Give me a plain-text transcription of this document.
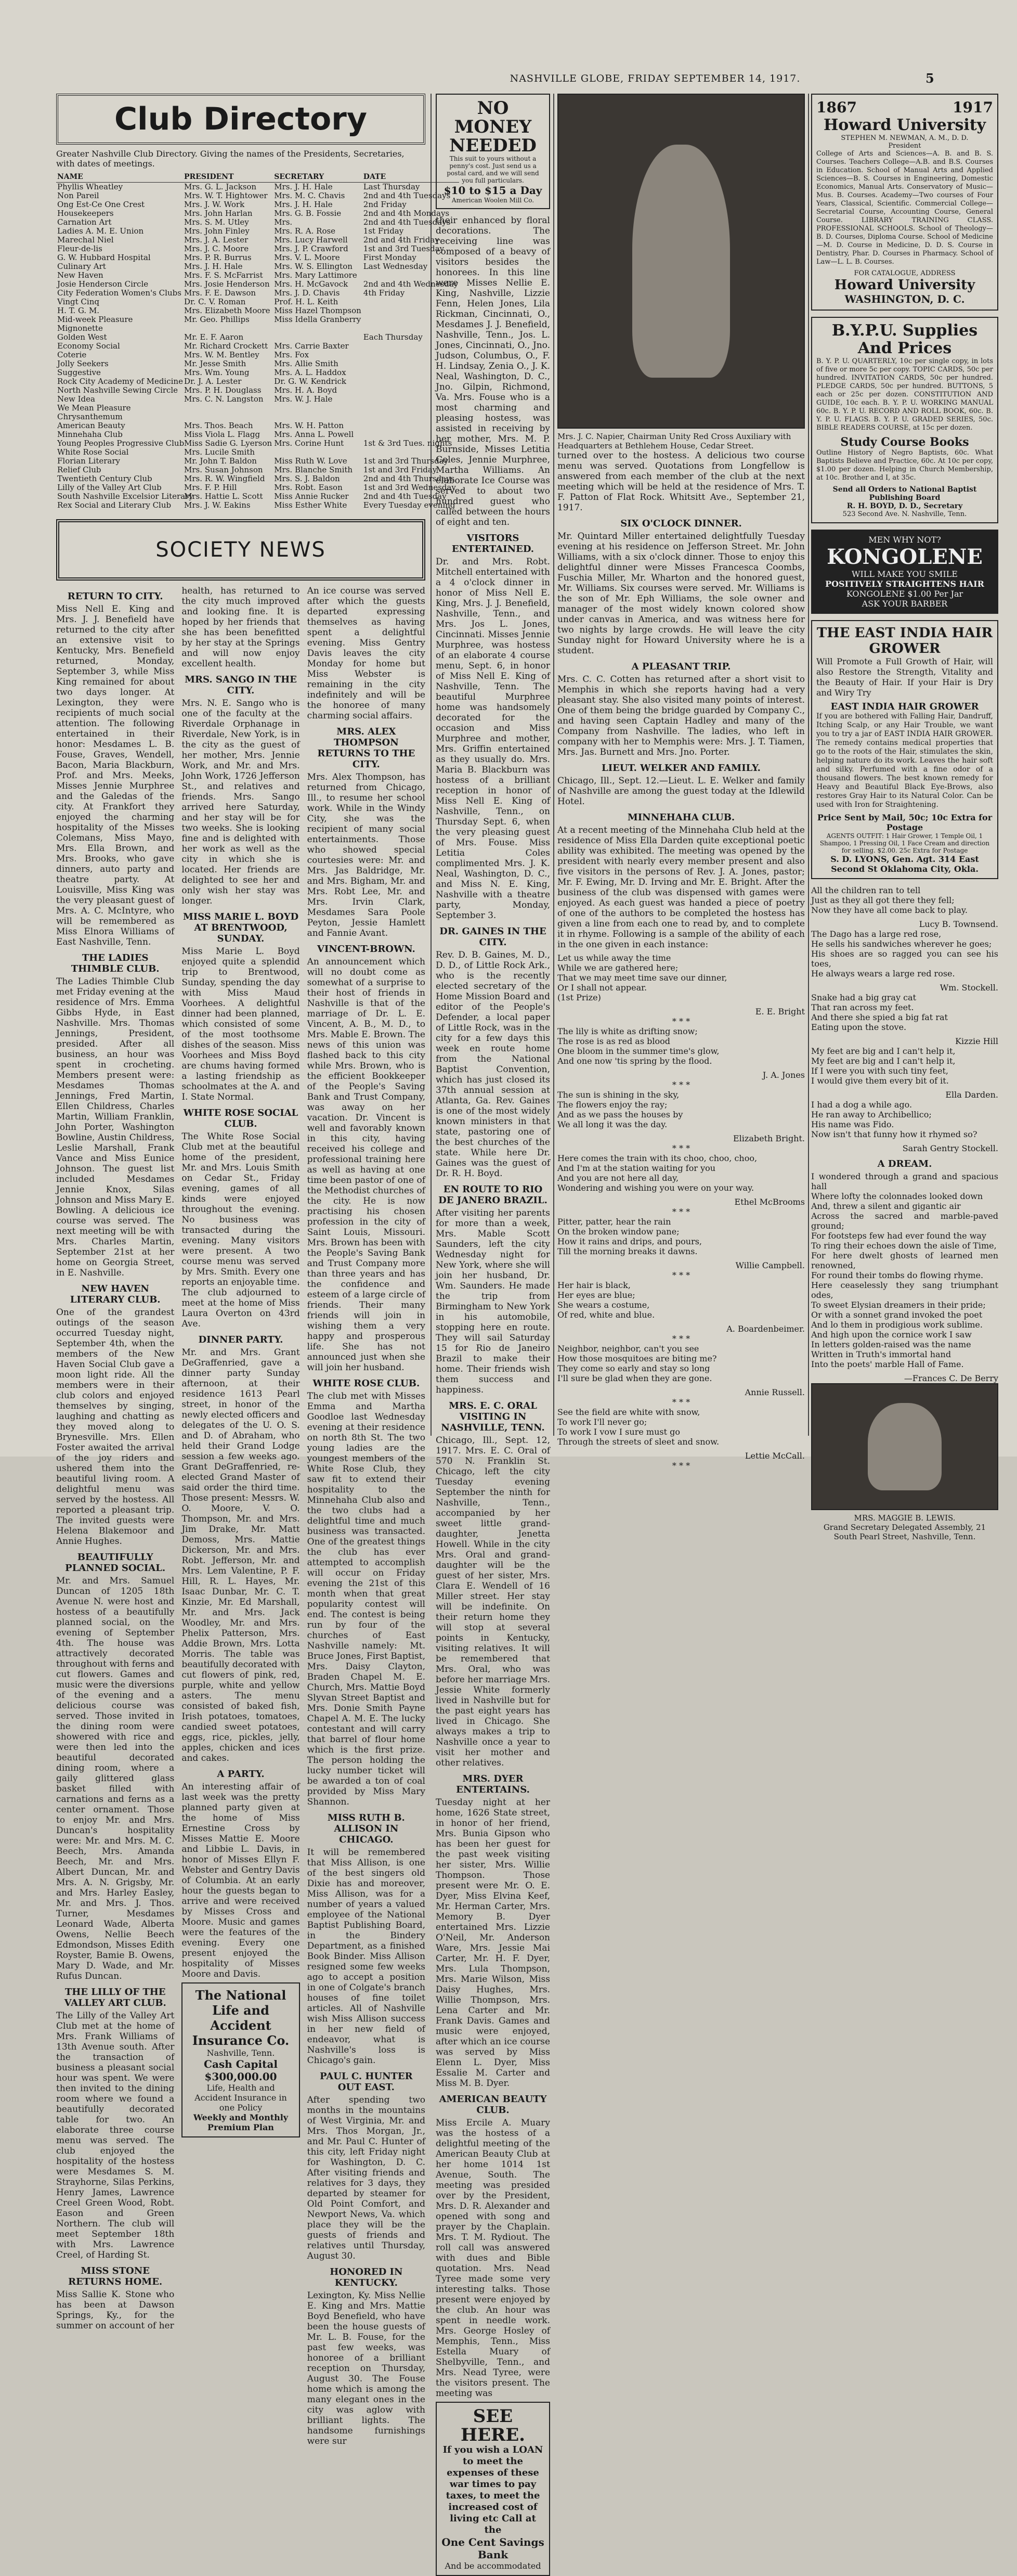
NASHVILLE GLOBE, FRIDAY SEPTEMBER 14, 1917.	5
Club Directory
Greater Nashville Club Directory. Giving the names of the Presidents, Secretaries, with dates of meetings.
NAME	PRESIDENT	SECRETARY	DATE
Phyllis Wheatley	Mrs. G. L. Jackson	Mrs. J. H. Hale	Last Thursday
Non Pareil	Mrs. W. T. Hightower	Mrs. M. C. Chavis	2nd and 4th Tuesdays
Ong Est-Ce One Crest	Mrs. J. W. Work	Mrs. J. H. Hale	2nd Friday
Housekeepers	Mrs. John Harlan	Mrs. G. B. Fossie	2nd and 4th Mondays
Carnation Art	Mrs. S. M. Utley	Mrs.	2nd and 4th Tuesdays
Ladies A. M. E. Union	Mrs. John Finley	Mrs. R. A. Rose	1st Friday
Marechal Niel	Mrs. J. A. Lester	Mrs. Lucy Harwell	2nd and 4th Friday
Fleur-de-lis	Mrs. J. C. Moore	Mrs. J. P. Crawford	1st and 3rd Tuesday
G. W. Hubbard Hospital	Mrs. P. R. Burrus	Mrs. V. L. Moore	First Monday
Culinary Art	Mrs. J. H. Hale	Mrs. W. S. Ellington	Last Wednesday
New Haven	Mrs. F. S. McFarrist	Mrs. Mary Lattimore	
Josie Henderson Circle	Mrs. Josie Henderson	Mrs. H. McGavock	2nd and 4th Wednesday
City Federation Women's Clubs	Mrs. F. E. Dawson	Mrs. J. D. Chavis	4th Friday
Vingt Cinq	Dr. C. V. Roman	Prof. H. L. Keith	
H. T. G. M.	Mrs. Elizabeth Moore	Miss Hazel Thompson	
Mid-week Pleasure	Mr. Geo. Phillips	Miss Idella Granberry	
Mignonette			
Golden West	Mr. E. F. Aaron		Each Thursday
Economy Social	Mr. Richard Crockett	Mrs. Carrie Baxter	
Coterie	Mrs. W. M. Bentley	Mrs. Fox	
Jolly Seekers	Mr. Jesse Smith	Mrs. Allie Smith	
Suggestive	Mrs. Wm. Young	Mrs. A. L. Haddox	
Rock City Academy of Medicine	Dr. J. A. Lester	Dr. G. W. Kendrick	
North Nashville Sewing Circle	Mrs. P. H. Douglass	Mrs. H. A. Boyd	
New Idea	Mrs. C. N. Langston	Mrs. W. J. Hale	
We Mean Pleasure			
Chrysanthemum			
American Beauty	Mrs. Thos. Beach	Mrs. W. H. Patton	
Minnehaha Club	Miss Viola L. Flagg	Mrs. Anna L. Powell	
Young Peoples Progressive Club	Miss Sadie G. Lyerson	Mrs. Corine Hunt	1st & 3rd Tues. nights
White Rose Social	Mrs. Lucile Smith		
Florian Literary	Mr. John T. Baldon	Miss Ruth W. Love	1st and 3rd Thursday
Relief Club	Mrs. Susan Johnson	Mrs. Blanche Smith	1st and 3rd Friday
Twentieth Century Club	Mrs. R. W. Wingfield	Mrs. S. J. Baldon	2nd and 4th Thursdays
Lilly of the Valley Art Club	Mrs. F. P. Hill	Mrs. Robt. Eason	1st and 3rd Wednesday
South Nashville Excelsior Literary	Mrs. Hattie L. Scott	Miss Annie Rucker	2nd and 4th Tuesday
Rex Social and Literary Club	Mrs. J. W. Eakins	Miss Esther White	Every Tuesday evening
SOCIETY NEWS
RETURN TO CITY.

Miss Nell E. King and Mrs. J. J. Benefield have returned to the city after an extensive visit to Kentucky, Mrs. Benefield returned, Monday, September 3, while Miss King remained for about two days longer. At Lexington, they were recipients of much social attention. The following entertained in their honor: Mesdames L. B. Fouse, Graves, Wendell, Bacon, Maria Blackburn, Prof. and Mrs. Meeks, Misses Jennie Murphree and the Galedas of the city. At Frankfort they enjoyed the charming hospitality of the Misses Colemans, Miss Mayo, Mrs. Ella Brown, and Mrs. Brooks, who gave dinners, auto party and theatre party. At Louisville, Miss King was the very pleasant guest of Mrs. A. C. McIntyre, who will be remembered as Miss Elnora Williams of East Nashville, Tenn.

THE LADIES THIMBLE CLUB.

The Ladies Thimble Club met Friday evening at the residence of Mrs. Emma Gibbs Hyde, in East Nashville. Mrs. Thomas Jennings, President, presided. After all business, an hour was spent in crocheting. Members present were: Mesdames Thomas Jennings, Fred Martin, Ellen Childress, Charles Martin, William Franklin, John Porter, Washington Bowline, Austin Childress, Leslie Marshall, Frank Vance and Miss Eunice Johnson. The guest list included Mesdames Jennie Knox, Silas Johnson and Miss Mary E. Bowling. A delicious ice course was served. The next meeting will be with Mrs. Charles Martin, September 21st at her home on Georgia Street, in E. Nashville.

NEW HAVEN LITERARY CLUB.

One of the grandest outings of the season occurred Tuesday night, September 4th, when the members of the New Haven Social Club gave a moon light ride. All the members were in their club colors and enjoyed themselves by singing, laughing and chatting as they moved along to Brynesville. Mrs. Ellen Foster awaited the arrival of the joy riders and ushered them into the beautiful living room. A delightful menu was served by the hostess. All reported a pleasant trip. The invited guests were Helena Blakemoor and Annie Hughes.

BEAUTIFULLY PLANNED SOCIAL.

Mr. and Mrs. Samuel Duncan of 1205 18th Avenue N. were host and hostess of a beautifully planned social, on the evening of September 4th. The house was attractively decorated throughout with ferns and cut flowers. Games and music were the diversions of the evening and a delicious course was served. Those invited in the dining room were showered with rice and were then led into the beautiful decorated dining room, where a gaily glittered glass basket filled with carnations and ferns as a center ornament. Those to enjoy Mr. and Mrs. Duncan's hospitality were: Mr. and Mrs. M. C. Beech, Mrs. Amanda Beech, Mr. and Mrs. Albert Duncan, Mr. and Mrs. A. N. Grigsby, Mr. and Mrs. Harley Easley, Mr. and Mrs. J. Thos. Turner, Mesdames Leonard Wade, Alberta Owens, Nellie Beech Edmondson, Misses Edith Royster, Bamie B. Owens, Mary D. Wade, and Mr. Rufus Duncan.

THE LILLY OF THE VALLEY ART CLUB.

The Lilly of the Valley Art Club met at the home of Mrs. Frank Williams of 13th Avenue south. After the transaction of business a pleasant social hour was spent. We were then invited to the dining room where we found a beautifully decorated table for two. An elaborate three course menu was served. The club enjoyed the hospitality of the hostess were Mesdames S. M. Strayhorne, Silas Perkins, Henry James, Lawrence Creel Green Wood, Robt. Eason and Green Northern. The club will meet September 18th with Mrs. Lawrence Creel, of Harding St.

MISS STONE RETURNS HOME.

Miss Sallie K. Stone who has been at Dawson Springs, Ky., for the summer on account of her

health, has returned to the city much improved and looking fine. It is hoped by her friends that she has been benefitted by her stay at the Springs and will now enjoy excellent health.

MRS. SANGO IN THE CITY.

Mrs. N. E. Sango who is one of the faculty at the Riverdale Orphanage in Riverdale, New York, is in the city as the guest of her mother, Mrs. Jennie Work, and Mr. and Mrs. John Work, 1726 Jefferson St., and relatives and friends. Mrs. Sango arrived here Saturday, and her stay will be for two weeks. She is looking fine and is delighted with her work as well as the city in which she is located. Her friends are delighted to see her and only wish her stay was longer.

MISS MARIE L. BOYD AT BRENTWOOD, SUNDAY.

Miss Marie L. Boyd enjoyed quite a splendid trip to Brentwood, Sunday, spending the day with Miss Maud Voorhees. A delightful dinner had been planned, which consisted of some of the most toothsome dishes of the season. Miss Voorhees and Miss Boyd are chums having formed a lasting friendship as schoolmates at the A. and I. State Normal.

WHITE ROSE SOCIAL CLUB.

The White Rose Social Club met at the beautiful home of the president, Mr. and Mrs. Louis Smith on Cedar St., Friday evening, games of all kinds were enjoyed throughout the evening. No business was transacted during the evening. Many visitors were present. A two course menu was served by Mrs. Smith. Every one reports an enjoyable time. The club adjourned to meet at the home of Miss Laura Overton on 43rd Ave.

DINNER PARTY.

Mr. and Mrs. Grant DeGraffenried, gave a dinner party Sunday afternoon, at their residence 1613 Pearl street, in honor of the newly elected officers and delegates of the U. O. S. and D. of Abraham, who held their Grand Lodge session a few weeks ago. Grant DeGraffenried, re-elected Grand Master of said order the third time. Those present: Messrs. W. O. Moore, V. O. Thompson, Mr. and Mrs. Jim Drake, Mr. Matt Demoss, Mrs. Mattie Dickerson, Mr. and Mrs. Robt. Jefferson, Mr. and Mrs. Lem Valentine, P. F. Hill, R. L. Hayes, Mr. Isaac Dunbar, Mr. C. T. Kinzie, Mr. Ed Marshall, Mr. and Mrs. Jack Woodley, Mr. and Mrs. Phelix Patterson, Mrs. Addie Brown, Mrs. Lotta Morris. The table was beautifully decorated with cut flowers of pink, red, purple, white and yellow asters. The menu consisted of baked fish, Irish potatoes, tomatoes, candied sweet potatoes, eggs, rice, pickles, jelly, apples, chicken and ices and cakes.

A PARTY.

An interesting affair of last week was the pretty planned party given at the home of Miss Ernestine Cross by Misses Mattie E. Moore and Libbie L. Davis, in honor of Misses Ellyn F. Webster and Gentry Davis of Columbia. At an early hour the guests began to arrive and were received by Misses Cross and Moore. Music and games were the features of the evening. Every one present enjoyed the hospitality of Misses Moore and Davis.

The National Life and Accident Insurance Co.
Nashville, Tenn.
Cash Capital $300,000.00
Life, Health and Accident Insurance in one Policy
Weekly and Monthly Premium Plan

An ice course was served after which the guests departed expressing themselves as having spent a delightful evening. Miss Gentry Davis leaves the city Monday for home but Miss Webster is remaining in the city indefinitely and will be the honoree of many charming social affairs.

MRS. ALEX THOMPSON RETURNS TO THE CITY.

Mrs. Alex Thompson, has returned from Chicago, Ill., to resume her school work. While in the Windy City, she was the recipient of many social entertainments. Those who showed special courtesies were: Mr. and Mrs. Jas Baldridge, Mr. and Mrs. Bigham, Mr. and Mrs. Robt Lee, Mr. and Mrs. Irvin Clark, Mesdames Sara Poole Peyton, Jessie Hamlett and Fannie Avant.

VINCENT-BROWN.

An announcement which will no doubt come as somewhat of a surprise to their host of friends in Nashville is that of the marriage of Dr. L. E. Vincent, A. B., M. D., to Mrs. Mable E. Brown. The news of this union was flashed back to this city while Mrs. Brown, who is the efficient Bookkeeper of the People's Saving Bank and Trust Company, was away on her vacation. Dr. Vincent is well and favorably known in this city, having received his college and professional training here as well as having at one time been pastor of one of the Methodist churches of the city. He is now practising his chosen profession in the city of Saint Louis, Missouri. Mrs. Brown has been with the People's Saving Bank and Trust Company more than three years and has the confidence and esteem of a large circle of friends. Their many friends will join in wishing them a very happy and prosperous life. She has not announced just when she will join her husband.

WHITE ROSE CLUB.

The club met with Misses Emma and Martha Goodloe last Wednesday evening at their residence on north 8th St. The two young ladies are the youngest members of the White Rose Club, they saw fit to extend their hospitality to the Minnehaha Club also and the two clubs had a delightful time and much business was transacted. One of the greatest things the club has ever attempted to accomplish will occur on Friday evening the 21st of this month when that great popularity contest will end. The contest is being run by four of the churches of East Nashville namely: Mt. Bruce Jones, First Baptist, Mrs. Daisy Clayton, Braden Chapel M. E. Church, Mrs. Mattie Boyd Slyvan Street Baptist and Mrs. Donie Smith Payne Chapel A. M. E. The lucky contestant and will carry that barrel of flour home which is the first prize. The person holding the lucky number ticket will be awarded a ton of coal provided by Miss Mary Shannon.

MISS RUTH B. ALLISON IN CHICAGO.

It will be remembered that Miss Allison, is one of the best singers old Dixie has and moreover, Miss Allison, was for a number of years a valued employee of the National Baptist Publishing Board, in the Bindery Department, as a finished Book Binder. Miss Allison resigned some few weeks ago to accept a position in one of Colgate's branch houses of fine toilet articles. All of Nashville wish Miss Allison success in her new field of endeavor, what is Nashville's loss is Chicago's gain.

PAUL C. HUNTER OUT EAST.

After spending two months in the mountains of West Virginia, Mr. and Mrs. Thos Morgan, Jr., and Mr. Paul C. Hunter of this city, left Friday night for Washington, D. C. After visiting friends and relatives for 3 days, they departed by steamer for Old Point Comfort, and Newport News, Va. which place they will be the guests of friends and relatives until Thursday, August 30.

HONORED IN KENTUCKY.

Lexington, Ky. Miss Nellie E. King and Mrs. Mattie Boyd Benefield, who have been the house guests of Mr. L. B. Fouse, for the past few weeks, was honoree of a brilliant reception on Thursday, August 30. The Fouse home which is among the many elegant ones in the city was aglow with brilliant lights. The handsome furnishings were sur

NO MONEY NEEDED
This suit to yours without a penny's cost. Just send us a postal card, and we will send you full particulars.
$10 to $15 a Day
American Woolen Mill Co.

their enhanced by floral decorations. The receiving line was composed of a beavy of visitors besides the honorees. In this line were Misses Nellie E. King, Nashville, Lizzie Fenn, Helen Jones, Lila Rickman, Cincinnati, O., Mesdames J. J. Benefield, Nashville, Tenn., Jos. L. Jones, Cincinnati, O., Jno. Judson, Columbus, O., F. H. Lindsay, Zenia O., J. K. Neal, Washington, D. C., Jno. Gilpin, Richmond, Va. Mrs. Fouse who is a most charming and pleasing hostess, was assisted in receiving by her mother, Mrs. M. P. Burnside, Misses Letitia Coles, Jennie Murphree, Martha Williams. An elaborate Ice Course was served to about two hundred guest who called between the hours of eight and ten.

VISITORS ENTERTAINED.

Dr. and Mrs. Robt. Mitchell entertained with a 4 o'clock dinner in honor of Miss Nell E. King, Mrs. J. J. Benefield, Nashville, Tenn., and Mrs. Jos L. Jones, Cincinnati. Misses Jennie Murphree, was hostess of an elaborate 4 course menu, Sept. 6, in honor of Miss Nell E. King of Nashville, Tenn. The beautiful Murphree home was handsomely decorated for the occasion and Miss Murphree and mother, Mrs. Griffin entertained as they usually do. Mrs. Maria B. Blackburn was hostess of a brilliant reception in honor of Miss Nell E. King of Nashville, Tenn., on Thursday Sept. 6, when the very pleasing guest of Mrs. Fouse. Miss Letitia Coles complimented Mrs. J. K. Neal, Washington, D. C., and Miss N. E. King, Nashville with a theatre party, Monday, September 3.

DR. GAINES IN THE CITY.

Rev. D. B. Gaines, M. D., D. D., of Little Rock Ark., who is the recently elected secretary of the Home Mission Board and editor of the People's Defender, a local paper of Little Rock, was in the city for a few days this week en route home from the National Baptist Convention, which has just closed its 37th annual session at Atlanta, Ga. Rev. Gaines is one of the most widely known ministers in that state, pastoring one of the best churches of the state. While here Dr. Gaines was the guest of Dr. R. H. Boyd.

EN ROUTE TO RIO DE JANERO BRAZIL.

After visiting her parents for more than a week, Mrs. Mable Scott Saunders, left the city Wednesday night for New York, where she will join her husband, Dr. Wm. Saunders. He made the trip from Birmingham to New York in his automobile, stopping here en route. They will sail Saturday 15 for Rio de Janeiro Brazil to make their home. Their friends wish them success and happiness.

MRS. E. C. ORAL VISITING IN NASHVILLE, TENN.

Chicago, Ill., Sept. 12, 1917. Mrs. E. C. Oral of 570 N. Franklin St. Chicago, left the city Tuesday evening September the ninth for Nashville, Tenn., accompanied by her sweet little grand-daughter, Jenetta Howell. While in the city Mrs. Oral and grand-daughter will be the guest of her sister, Mrs. Clara E. Wendell of 16 Miller street. Her stay will be indefinite. On their return home they will stop at several points in Kentucky, visiting relatives. It will be remembered that Mrs. Oral, who was before her marriage Mrs. Jessie White formerly lived in Nashville but for the past eight years has lived in Chicago. She always makes a trip to Nashville once a year to visit her mother and other relatives.

MRS. DYER ENTERTAINS.

Tuesday night at her home, 1626 State street, in honor of her friend, Mrs. Bunia Gipson who has been her guest for the past week visiting her sister, Mrs. Willie Thompson. Those present were Mr. O. E. Dyer, Miss Elvina Keef, Mr. Herman Carter, Mrs. Memory B. Dyer entertained Mrs. Lizzie O'Neil, Mr. Anderson Ware, Mrs. Jessie Mai Carter, Mr. H. F. Dyer, Mrs. Lula Thompson, Mrs. Marie Wilson, Miss Daisy Hughes, Mrs. Willie Thompson, Mrs. Lena Carter and Mr. Frank Davis. Games and music were enjoyed, after which an ice course was served by Miss Elenn L. Dyer, Miss Essalie M. Carter and Miss M. B. Dyer.

AMERICAN BEAUTY CLUB.

Miss Ercile A. Muary was the hostess of a delightful meeting of the American Beauty Club at her home 1014 1st Avenue, South. The meeting was presided over by the President, Mrs. D. R. Alexander and opened with song and prayer by the Chaplain. Mrs. T. M. Rydiout. The roll call was answered with dues and Bible quotation. Mrs. Nead Tyree made some very interesting talks. Those present were enjoyed by the club. An hour was spent in needle work. Mrs. George Hosley of Memphis, Tenn., Miss Estella Muary of Shelbyville, Tenn., and Mrs. Nead Tyree, were the visitors present. The meeting was

SEE HERE.
If you wish a LOAN to meet the expenses of these war times to pay taxes, to meet the increased cost of living etc Call at the
One Cent Savings Bank
And be accommodated
Mrs. J. C. Napier, Chairman Unity Red Cross Auxiliary with Headquarters at Bethlehem House, Cedar Street.

turned over to the hostess. A delicious two course menu was served. Quotations from Longfellow is answered from each member of the club at the next meeting which will be held at the residence of Mrs. T. F. Patton of Flat Rock. Whitsitt Ave., September 21, 1917.

SIX O'CLOCK DINNER.

Mr. Quintard Miller entertained delightfully Tuesday evening at his residence on Jefferson Street. Mr. John Williams, with a six o'clock dinner. Those to enjoy this delightful dinner were Misses Francesca Coombs, Fuschia Miller, Mr. Wharton and the honored guest, Mr. Williams. Six courses were served. Mr. Williams is the son of Mr. Eph Williams, the sole owner and manager of the most widely known colored show under canvas in America, and was witness here for two nights by large crowds. He will leave the city Sunday night for Howard University where he is a student.

A PLEASANT TRIP.

Mrs. C. C. Cotten has returned after a short visit to Memphis in which she reports having had a very pleasant stay. She also visited many points of interest. One of them being the bridge guarded by Company C., and having seen Captain Hadley and many of the Company from Nashville. The ladies, who left in company with her to Memphis were: Mrs. J. T. Tiamen, Mrs. Jas. Burnett and Mrs. Jno. Porter.

LIEUT. WELKER AND FAMILY.

Chicago, Ill., Sept. 12.—Lieut. L. E. Welker and family of Nashville are among the guest today at the Idlewild Hotel.

MINNEHAHA CLUB.

At a recent meeting of the Minnehaha Club held at the residence of Miss Ella Darden quite exceptional poetic ability was exhibited. The meeting was opened by the president with nearly every member present and also five visitors in the persons of Rev. J. A. Jones, pastor; Mr. F. Ewing, Mr. D. Irving and Mr. E. Bright. After the business of the club was dispensed with games were enjoyed. As each guest was handed a piece of poetry of one of the authors to be completed the hostess has given a line from each one to read by, and to complete it in rhyme. Following is a sample of the ability of each in the one given in each instance:

Let us while away the time
While we are gathered here;
That we may meet time save our dinner,
Or I shall not appear.
(1st Prize)

E. E. Bright
* * *

The lily is white as drifting snow;
The rose is as red as blood
One bloom in the summer time's glow,
And one now 'tis spring by the flood.

J. A. Jones
* * *

The sun is shining in the sky,
The flowers enjoy the ray;
And as we pass the houses by
We all long it was the day.

Elizabeth Bright.
* * *

Here comes the train with its choo, choo, choo,
And I'm at the station waiting for you
And you are not here all day,
Wondering and wishing you were on your way.

Ethel McBrooms
* * *

Pitter, patter, hear the rain
On the broken window pane;
How it rains and drips, and pours,
Till the morning breaks it dawns.

Willie Campbell.
* * *

Her hair is black,
Her eyes are blue;
She wears a costume,
Of red, white and blue.

A. Boardenbeimer.
* * *

Neighbor, neighbor, can't you see
How those mosquitoes are biting me?
They come so early and stay so long
I'll sure be glad when they are gone.

Annie Russell.
* * *

See the field are white with snow,
To work I'll never go;
To work I vow I sure must go
Through the streets of sleet and snow.

Lettie McCall.
* * *
1867	1917
Howard University
STEPHEN M. NEWMAN, A. M., D. D.
President

College of Arts and Sciences—A. B. and B. S. Courses. Teachers College—A.B. and B.S. Courses in Education. School of Manual Arts and Applied Sciences—B. S. Courses in Engineering, Domestic Economics, Manual Arts. Conservatory of Music—Mus. B. Courses. Academy—Two courses of Four Years, Classical, Scientific. Commercial College—Secretarial Course, Accounting Course, General Course. LIBRARY TRAINING CLASS. PROFESSIONAL SCHOOLS. School of Theology—B. D. Courses, Diploma Course. School of Medicine—M. D. Course in Medicine, D. D. S. Course in Dentistry, Phar. D. Courses in Pharmacy. School of Law—L. L. B. Courses.

FOR CATALOGUE, ADDRESS
Howard University
WASHINGTON, D. C.
B.Y.P.U. Supplies And Prices

B. Y. P. U. QUARTERLY, 10c per single copy, in lots of five or more 5c per copy. TOPIC CARDS, 50c per hundred. INVITATION CARDS, 50c per hundred. PLEDGE CARDS, 50c per hundred. BUTTONS, 5 each or 25c per dozen. CONSTITUTION AND GUIDE, 10c each. B. Y. P. U. WORKING MANUAL 60c. B. Y. P. U. RECORD AND ROLL BOOK, 60c. B. Y. P. U. FLAGS. B. Y. P. U. GRADED SERIES, 50c. BIBLE READERS COURSE, at 15c per dozen.

Study Course Books

Outline History of Negro Baptists, 60c. What Baptists Believe and Practice, 60c. At 10c per copy, $1.00 per dozen. Helping in Church Membership, at 10c. Brother and I, at 35c.

Send all Orders to National Baptist Publishing Board
R. H. BOYD, D. D., Secretary
523 Second Ave. N. Nashville, Tenn.
MEN WHY NOT?
KONGOLENE
WILL MAKE YOU SMILE
POSITIVELY STRAIGHTENS HAIR
KONGOLENE $1.00 Per Jar
ASK YOUR BARBER
THE EAST INDIA HAIR GROWER

Will Promote a Full Growth of Hair, will also Restore the Strength, Vitality and the Beauty of Hair. If your Hair is Dry and Wiry Try

EAST INDIA HAIR GROWER

If you are bothered with Falling Hair, Dandruff, Itching Scalp, or any Hair Trouble, we want you to try a jar of EAST INDIA HAIR GROWER. The remedy contains medical properties that go to the roots of the Hair, stimulates the skin, helping nature do its work. Leaves the hair soft and silky. Perfumed with a fine odor of a thousand flowers. The best known remedy for Heavy and Beautiful Black Eye-Brows, also restores Gray Hair to its Natural Color. Can be used with Iron for Straightening.

Price Sent by Mail, 50c; 10c Extra for Postage
AGENTS OUTFIT: 1 Hair Grower, 1 Temple Oil, 1 Shampoo, 1 Pressing Oil, 1 Face Cream and direction for selling. $2.00. 25c Extra for Postage
S. D. LYONS, Gen. Agt. 314 East Second St Oklahoma City, Okla.

All the children ran to tell
Just as they all got there they fell;
Now they have all come back to play.

Lucy B. Townsend.

The Dago has a large red rose,
He sells his sandwiches wherever he goes;
His shoes are so ragged you can see his toes,
He always wears a large red rose.

Wm. Stockell.

Snake had a big gray cat
That ran across my feet.
And there she spied a big fat rat
Eating upon the stove.

Kizzie Hill

My feet are big and I can't help it,
My feet are big and I can't help it,
If I were you with such tiny feet,
I would give them every bit of it.

Ella Darden.

I had a dog a while ago.
He ran away to Archibellico;
His name was Fido.
Now isn't that funny how it rhymed so?

Sarah Gentry Stockell.
A DREAM.

I wondered through a grand and spacious hall
Where lofty the colonnades looked down
And, threw a silent and gigantic air
Across the sacred and marble-paved ground;
For footsteps few had ever found the way
To ring their echoes down the aisle of Time,
For here dwelt ghosts of learned men renowned,
For round their tombs do flowing rhyme.
Here ceaselessly they sang triumphant odes,
To sweet Elysian dreamers in their pride;
Or with a sonnet grand invoked the poet
And lo them in prodigious work sublime.
And high upon the cornice work I saw
In letters golden-raised was the name
Written in Truth's immortal hand
Into the poets' marble Hall of Fame.

—Frances C. De Berry
MRS. MAGGIE B. LEWIS.
Grand Secretary Delegated Assembly, 21 South Pearl Street, Nashville, Tenn.
